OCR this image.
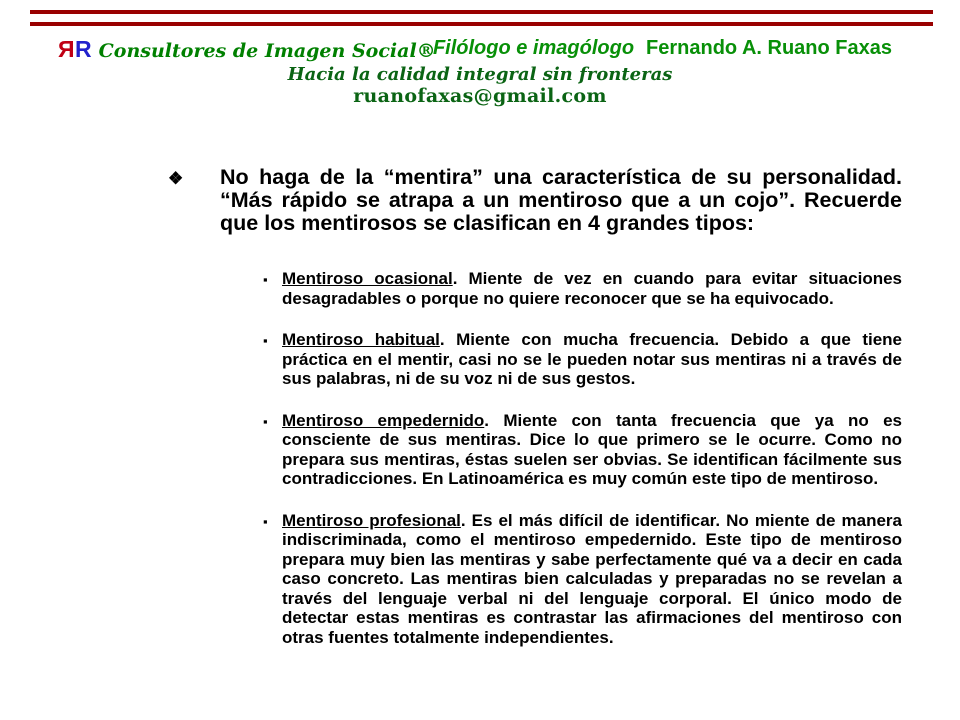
ЯR Consultores de Imagen Social®
Filólogo e imagólogo Fernando A. Ruano Faxas
Hacia la calidad integral sin fronteras
ruanofaxas@gmail.com
❖	No haga de la “mentira” una característica de su personalidad. “Más rápido se atrapa a un mentiroso que a un cojo”. Recuerde que los mentirosos se clasifican en 4 grandes tipos:
▪ Mentiroso ocasional. Miente de vez en cuando para evitar situaciones desagradables o porque no quiere reconocer que se ha equivocado.
▪ Mentiroso habitual. Miente con mucha frecuencia. Debido a que tiene práctica en el mentir, casi no se le pueden notar sus mentiras ni a través de sus palabras, ni de su voz ni de sus gestos.
▪ Mentiroso empedernido. Miente con tanta frecuencia que ya no es consciente de sus mentiras. Dice lo que primero se le ocurre. Como no prepara sus mentiras, éstas suelen ser obvias. Se identifican fácilmente sus contradicciones. En Latinoamérica es muy común este tipo de mentiroso.
▪ Mentiroso profesional. Es el más difícil de identificar. No miente de manera indiscriminada, como el mentiroso empedernido. Este tipo de mentiroso prepara muy bien las mentiras y sabe perfectamente qué va a decir en cada caso concreto. Las mentiras bien calculadas y preparadas no se revelan a través del lenguaje verbal ni del lenguaje corporal. El único modo de detectar estas mentiras es contrastar las afirmaciones del mentiroso con otras fuentes totalmente independientes.
